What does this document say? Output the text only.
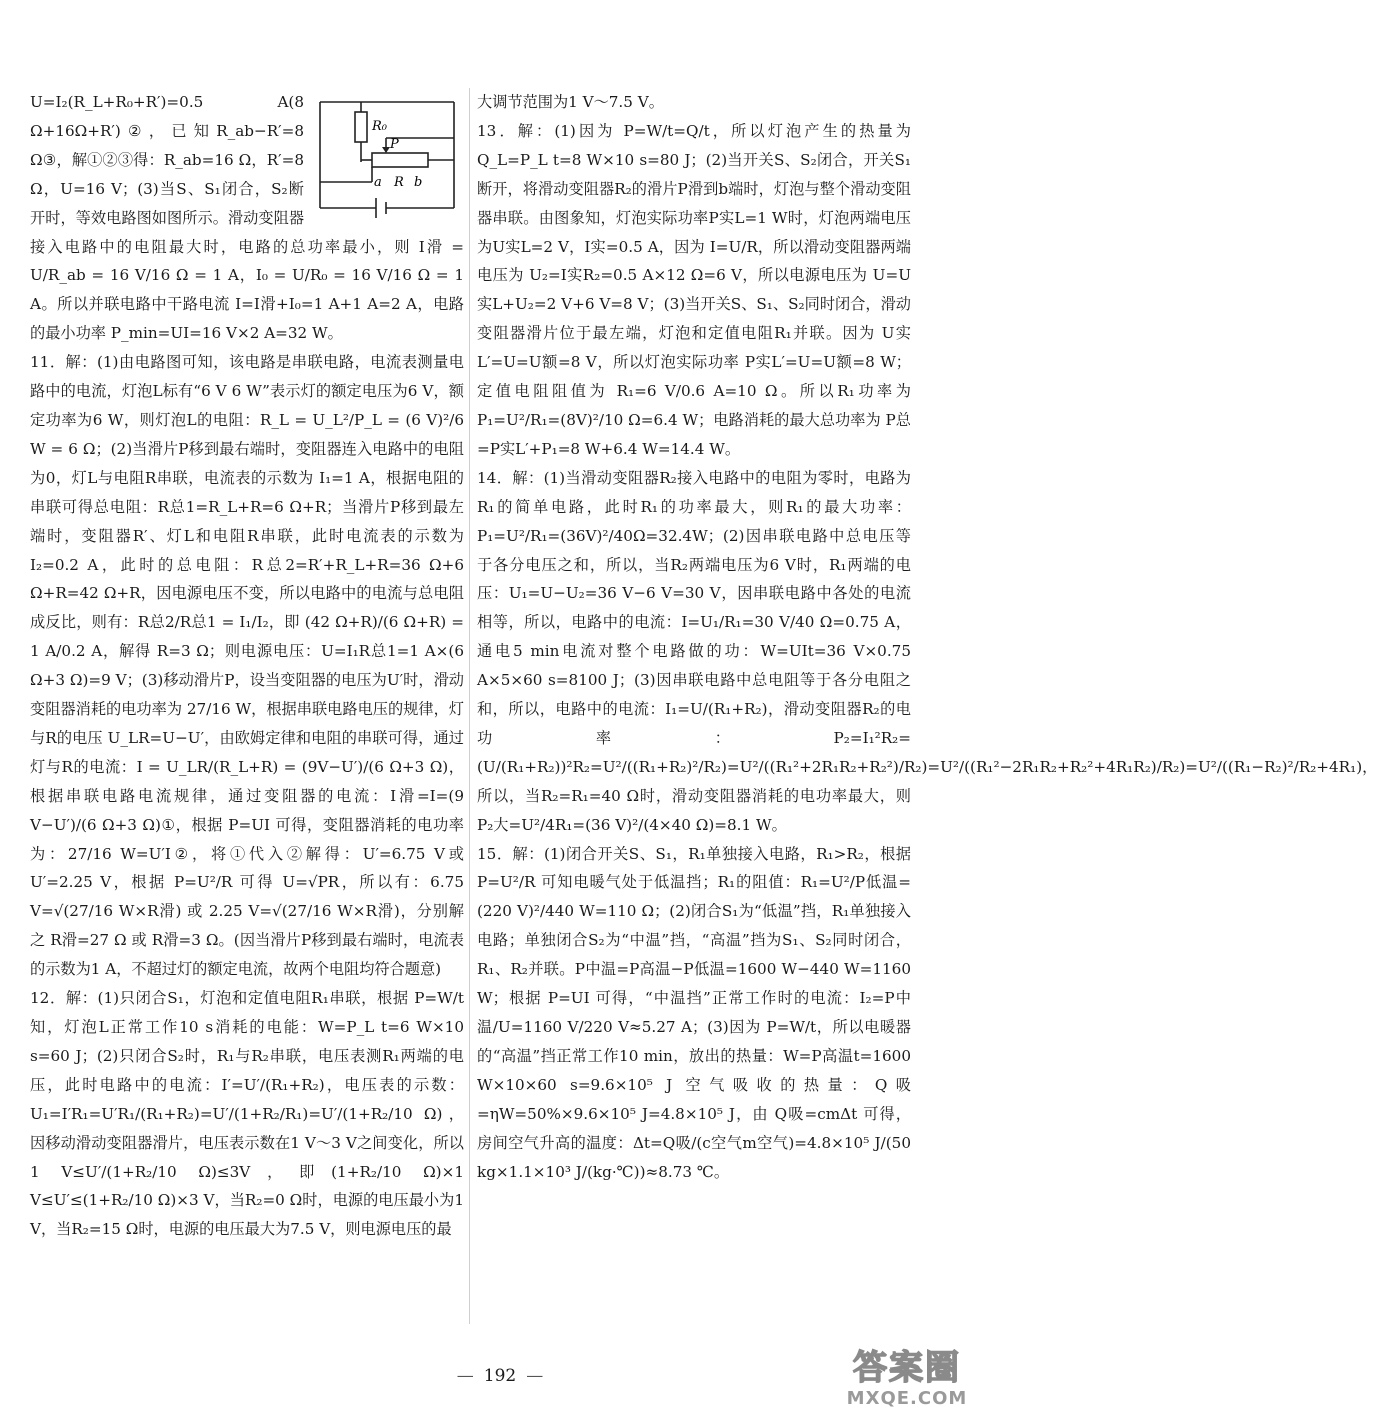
R₀
P
a R b

U=I₂(R_L+R₀+R′)=0.5 A(8 Ω+16Ω+R′)②，已知R_ab−R′=8 Ω③，解①②③得：R_ab=16 Ω，R′=8 Ω，U=16 V；(3)当S、S₁闭合，S₂断开时，等效电路图如图所示。滑动变阻器接入电路中的电阻最大时，电路的总功率最小，则 I滑 = U/R_ab = 16 V/16 Ω = 1 A，I₀ = U/R₀ = 16 V/16 Ω = 1 A。所以并联电路中干路电流 I=I滑+I₀=1 A+1 A=2 A，电路的最小功率 P_min=UI=16 V×2 A=32 W。

11．解：(1)由电路图可知，该电路是串联电路，电流表测量电路中的电流，灯泡L标有“6 V 6 W”表示灯的额定电压为6 V，额定功率为6 W，则灯泡L的电阻：R_L = U_L²/P_L = (6 V)²/6 W = 6 Ω；(2)当滑片P移到最右端时，变阻器连入电路中的电阻为0，灯L与电阻R串联，电流表的示数为 I₁=1 A，根据电阻的串联可得总电阻：R总1=R_L+R=6 Ω+R；当滑片P移到最左端时，变阻器R′、灯L和电阻R串联，此时电流表的示数为 I₂=0.2 A，此时的总电阻：R总2=R′+R_L+R=36 Ω+6 Ω+R=42 Ω+R，因电源电压不变，所以电路中的电流与总电阻成反比，则有：R总2/R总1 = I₁/I₂，即 (42 Ω+R)/(6 Ω+R) = 1 A/0.2 A，解得 R=3 Ω；则电源电压：U=I₁R总1=1 A×(6 Ω+3 Ω)=9 V；(3)移动滑片P，设当变阻器的电压为U′时，滑动变阻器消耗的电功率为 27/16 W，根据串联电路电压的规律，灯与R的电压 U_LR=U−U′，由欧姆定律和电阻的串联可得，通过灯与R的电流：I = U_LR/(R_L+R) = (9V−U′)/(6 Ω+3 Ω)，根据串联电路电流规律，通过变阻器的电流：I滑=I=(9 V−U′)/(6 Ω+3 Ω)①，根据 P=UI 可得，变阻器消耗的电功率为：27/16 W=U′I②，将①代入②解得：U′=6.75 V或U′=2.25 V，根据 P=U²/R 可得 U=√PR，所以有：6.75 V=√(27/16 W×R滑) 或 2.25 V=√(27/16 W×R滑)，分别解之 R滑=27 Ω 或 R滑=3 Ω。(因当滑片P移到最右端时，电流表的示数为1 A，不超过灯的额定电流，故两个电阻均符合题意)

12．解：(1)只闭合S₁，灯泡和定值电阻R₁串联，根据 P=W/t 知，灯泡L正常工作10 s消耗的电能：W=P_L t=6 W×10 s=60 J；(2)只闭合S₂时，R₁与R₂串联，电压表测R₁两端的电压，此时电路中的电流：I′=U′/(R₁+R₂)，电压表的示数：U₁=I′R₁=U′R₁/(R₁+R₂)=U′/(1+R₂/R₁)=U′/(1+R₂/10 Ω)，因移动滑动变阻器滑片，电压表示数在1 V～3 V之间变化，所以1 V≤U′/(1+R₂/10 Ω)≤3V，即(1+R₂/10 Ω)×1 V≤U′≤(1+R₂/10 Ω)×3 V，当R₂=0 Ω时，电源的电压最小为1 V，当R₂=15 Ω时，电源的电压最大为7.5 V，则电源电压的最

大调节范围为1 V～7.5 V。

13．解：(1)因为 P=W/t=Q/t，所以灯泡产生的热量为 Q_L=P_L t=8 W×10 s=80 J；(2)当开关S、S₂闭合，开关S₁断开，将滑动变阻器R₂的滑片P滑到b端时，灯泡与整个滑动变阻器串联。由图象知，灯泡实际功率P实L=1 W时，灯泡两端电压为U实L=2 V，I实=0.5 A，因为 I=U/R，所以滑动变阻器两端电压为 U₂=I实R₂=0.5 A×12 Ω=6 V，所以电源电压为 U=U实L+U₂=2 V+6 V=8 V；(3)当开关S、S₁、S₂同时闭合，滑动变阻器滑片位于最左端，灯泡和定值电阻R₁并联。因为 U实L′=U=U额=8 V，所以灯泡实际功率 P实L′=U=U额=8 W；定值电阻阻值为 R₁=6 V/0.6 A=10 Ω。所以R₁功率为 P₁=U²/R₁=(8V)²/10 Ω=6.4 W；电路消耗的最大总功率为 P总=P实L′+P₁=8 W+6.4 W=14.4 W。

14．解：(1)当滑动变阻器R₂接入电路中的电阻为零时，电路为R₁的简单电路，此时R₁的功率最大，则R₁的最大功率：P₁=U²/R₁=(36V)²/40Ω=32.4W；(2)因串联电路中总电压等于各分电压之和，所以，当R₂两端电压为6 V时，R₁两端的电压：U₁=U−U₂=36 V−6 V=30 V，因串联电路中各处的电流相等，所以，电路中的电流：I=U₁/R₁=30 V/40 Ω=0.75 A，通电5 min电流对整个电路做的功：W=UIt=36 V×0.75 A×5×60 s=8100 J；(3)因串联电路中总电阻等于各分电阻之和，所以，电路中的电流：I₁=U/(R₁+R₂)，滑动变阻器R₂的电功率：P₂=I₁²R₂=(U/(R₁+R₂))²R₂=U²/((R₁+R₂)²/R₂)=U²/((R₁²+2R₁R₂+R₂²)/R₂)=U²/((R₁²−2R₁R₂+R₂²+4R₁R₂)/R₂)=U²/((R₁−R₂)²/R₂+4R₁)，所以，当R₂=R₁=40 Ω时，滑动变阻器消耗的电功率最大，则 P₂大=U²/4R₁=(36 V)²/(4×40 Ω)=8.1 W。

15．解：(1)闭合开关S、S₁，R₁单独接入电路，R₁>R₂，根据 P=U²/R 可知电暖气处于低温挡；R₁的阻值：R₁=U²/P低温=(220 V)²/440 W=110 Ω；(2)闭合S₁为“低温”挡，R₁单独接入电路；单独闭合S₂为“中温”挡，“高温”挡为S₁、S₂同时闭合，R₁、R₂并联。P中温=P高温−P低温=1600 W−440 W=1160 W；根据 P=UI 可得，“中温挡”正常工作时的电流：I₂=P中温/U=1160 V/220 V≈5.27 A；(3)因为 P=W/t，所以电暖器的“高温”挡正常工作10 min，放出的热量：W=P高温t=1600 W×10×60 s=9.6×10⁵ J 空气吸收的热量：Q吸=ηW=50%×9.6×10⁵ J=4.8×10⁵ J，由 Q吸=cmΔt 可得，房间空气升高的温度：Δt=Q吸/(c空气m空气)=4.8×10⁵ J/(50 kg×1.1×10³ J/(kg·℃))≈8.73 ℃。

— 192 —	答案圈
MXQE.COM
